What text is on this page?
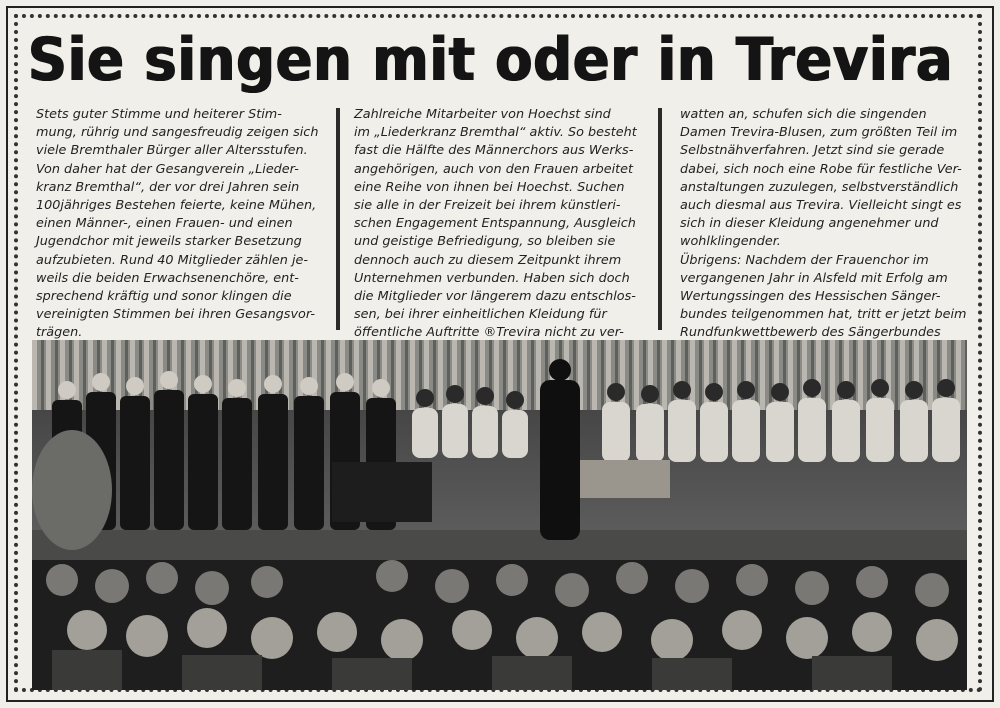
Sie singen mit oder in Trevira
Stets guter Stimme und heiterer Stim-
mung, rührig und sangesfreudig zeigen sich
viele Bremthaler Bürger aller Altersstufen.
Von daher hat der Gesangverein „Lieder-
kranz Bremthal“, der vor drei Jahren sein
100jähriges Bestehen feierte, keine Mühen,
einen Männer-, einen Frauen- und einen
Jugendchor mit jeweils starker Besetzung
aufzubieten. Rund 40 Mitglieder zählen je-
weils die beiden Erwachsenenchöre, ent-
sprechend kräftig und sonor klingen die
vereinigten Stimmen bei ihren Gesangsvor-
trägen.
Zahlreiche Mitarbeiter von Hoechst sind
im „Liederkranz Bremthal“ aktiv. So besteht
fast die Hälfte des Männerchors aus Werks-
angehörigen, auch von den Frauen arbeitet
eine Reihe von ihnen bei Hoechst. Suchen
sie alle in der Freizeit bei ihrem künstleri-
schen Engagement Entspannung, Ausgleich
und geistige Befriedigung, so bleiben sie
dennoch auch zu diesem Zeitpunkt ihrem
Unternehmen verbunden. Haben sich doch
die Mitglieder vor längerem dazu entschlos-
sen, bei ihrer einheitlichen Kleidung für
öffentliche Auftritte ®Trevira nicht zu ver-
watten an, schufen sich die singenden
Damen Trevira-Blusen, zum größten Teil im
Selbstnähverfahren. Jetzt sind sie gerade
dabei, sich noch eine Robe für festliche Ver-
anstaltungen zuzulegen, selbstverständlich
auch diesmal aus Trevira. Vielleicht singt es
sich in dieser Kleidung angenehmer und
wohlklingender.
Übrigens: Nachdem der Frauenchor im
vergangenen Jahr in Alsfeld mit Erfolg am
Wertungssingen des Hessischen Sänger-
bundes teilgenommen hat, tritt er jetzt beim
Rundfunkwettbewerb des Sängerbundes
